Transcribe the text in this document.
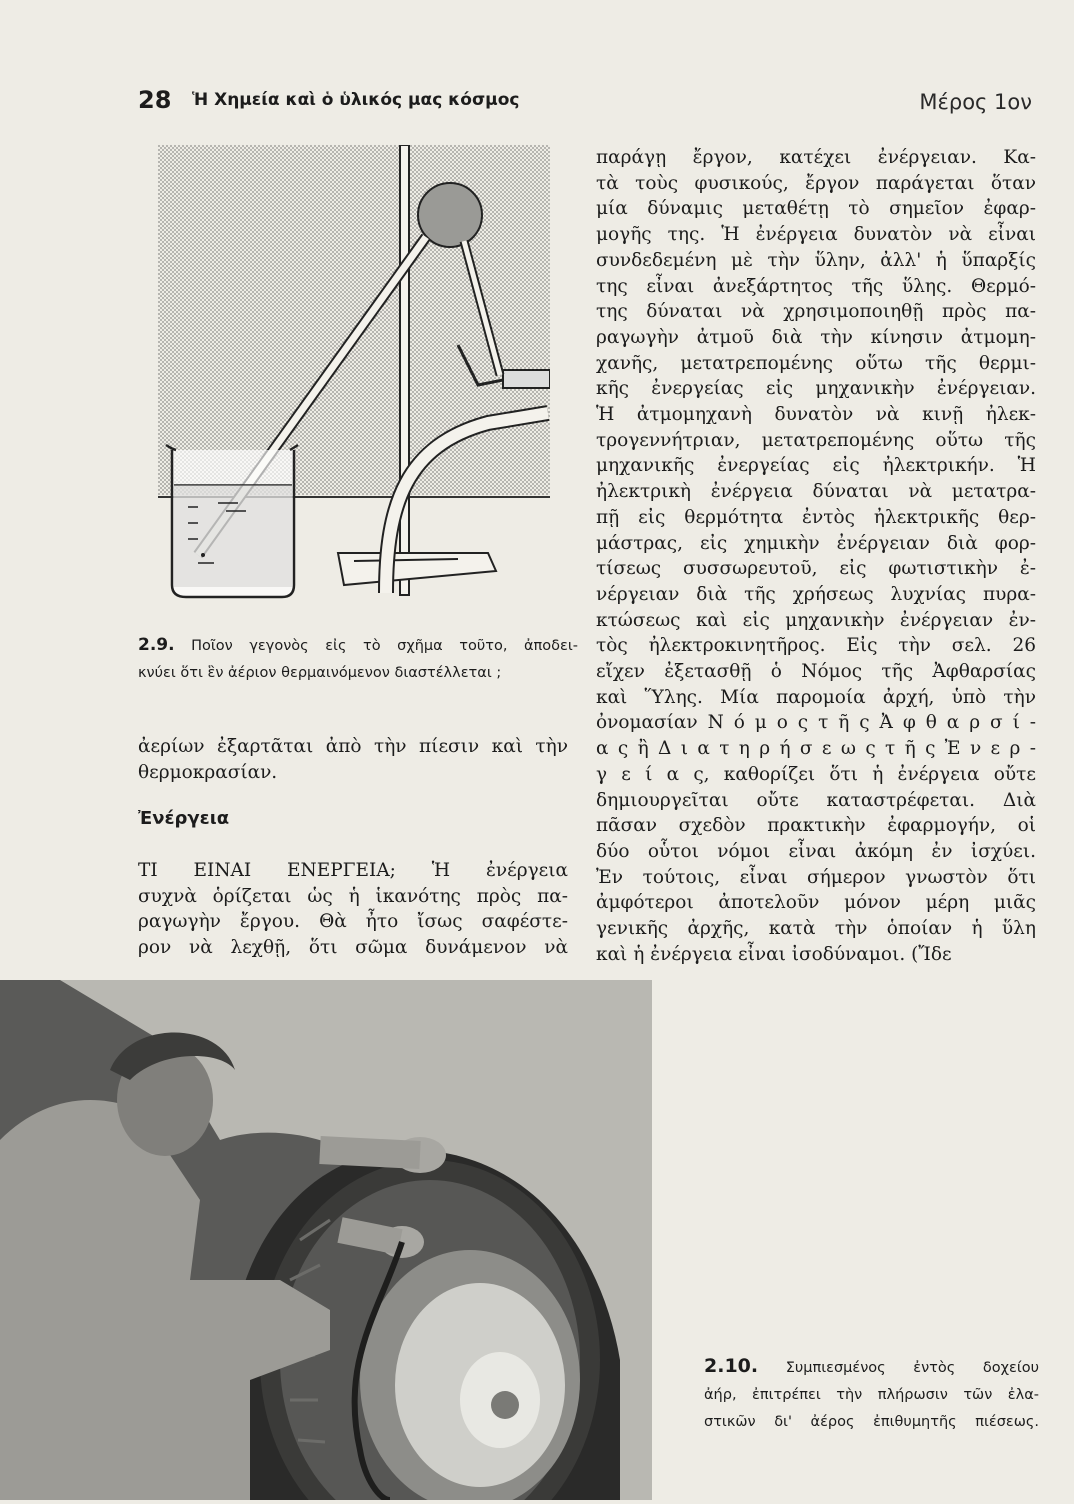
28 Ἡ Χημεία καὶ ὁ ὑλικός μας κόσμος	Μέρος 1ον
2.9. Ποῖον γεγονὸς εἰς τὸ σχῆμα τοῦτο, ἀποδει-
κνύει ὅτι ἓν ἀέριον θερμαινόμενον διαστέλλεται ;
ἀερίων ἐξαρτᾶται ἀπὸ τὴν πίεσιν καὶ τὴν
θερμοκρασίαν.
Ἐνέργεια
ΤΙ ΕΙΝΑΙ ΕΝΕΡΓΕΙΑ; Ἡ ἐνέργεια
συχνὰ ὁρίζεται ὡς ἡ ἱκανότης πρὸς πα-
ραγωγὴν ἔργου. Θὰ ἦτο ἴσως σαφέστε-
ρον νὰ λεχθῇ, ὅτι σῶμα δυνάμενον νὰ
παράγῃ ἔργον, κατέχει ἐνέργειαν. Κα-
τὰ τοὺς φυσικούς, ἔργον παράγεται ὅταν
μία δύναμις μεταθέτῃ τὸ σημεῖον ἐφαρ-
μογῆς της. Ἡ ἐνέργεια δυνατὸν νὰ εἶναι
συνδεδεμένη μὲ τὴν ὕλην, ἀλλ' ἡ ὕπαρξίς
της εἶναι ἀνεξάρτητος τῆς ὕλης. Θερμό-
της δύναται νὰ χρησιμοποιηθῇ πρὸς πα-
ραγωγὴν ἀτμοῦ διὰ τὴν κίνησιν ἀτμομη-
χανῆς, μετατρεπομένης οὕτω τῆς θερμι-
κῆς ἐνεργείας εἰς μηχανικὴν ἐνέργειαν.
Ἡ ἀτμομηχανὴ δυνατὸν νὰ κινῇ ἠλεκ-
τρογεννήτριαν, μετατρεπομένης οὕτω τῆς
μηχανικῆς ἐνεργείας εἰς ἠλεκτρικήν. Ἡ
ἠλεκτρικὴ ἐνέργεια δύναται νὰ μετατρα-
πῇ εἰς θερμότητα ἐντὸς ἠλεκτρικῆς θερ-
μάστρας, εἰς χημικὴν ἐνέργειαν διὰ φορ-
τίσεως συσσωρευτοῦ, εἰς φωτιστικὴν ἐ-
νέργειαν διὰ τῆς χρήσεως λυχνίας πυρα-
κτώσεως καὶ εἰς μηχανικὴν ἐνέργειαν ἐν-
τὸς ἠλεκτροκινητῆρος. Εἰς τὴν σελ. 26
εἴχεν ἐξετασθῇ ὁ Νόμος τῆς Ἀφθαρσίας
καὶ Ὕλης. Μία παρομοία ἀρχή, ὑπὸ τὴν
ὀνομασίαν Ν ό μ ο ς τ ῆ ς Ἀ φ θ α ρ σ ί -
α ς ἢ Δ ι α τ η ρ ή σ ε ω ς τ ῆ ς Ἐ ν ε ρ -
γ ε ί α ς, καθορίζει ὅτι ἡ ἐνέργεια οὔτε
δημιουργεῖται οὔτε καταστρέφεται. Διὰ
πᾶσαν σχεδὸν πρακτικὴν ἐφαρμογήν, οἱ
δύο οὗτοι νόμοι εἶναι ἀκόμη ἐν ἰσχύει.
Ἐν τούτοις, εἶναι σήμερον γνωστὸν ὅτι
ἀμφότεροι ἀποτελοῦν μόνον μέρη μιᾶς
γενικῆς ἀρχῆς, κατὰ τὴν ὁποίαν ἡ ὕλη
καὶ ἡ ἐνέργεια εἶναι ἰσοδύναμοι. (Ἴδε
2.10. Συμπιεσμένος ἐντὸς δοχείου
ἀήρ, ἐπιτρέπει τὴν πλήρωσιν τῶν ἐλα-
στικῶν δι' ἀέρος ἐπιθυμητῆς πιέσεως.
